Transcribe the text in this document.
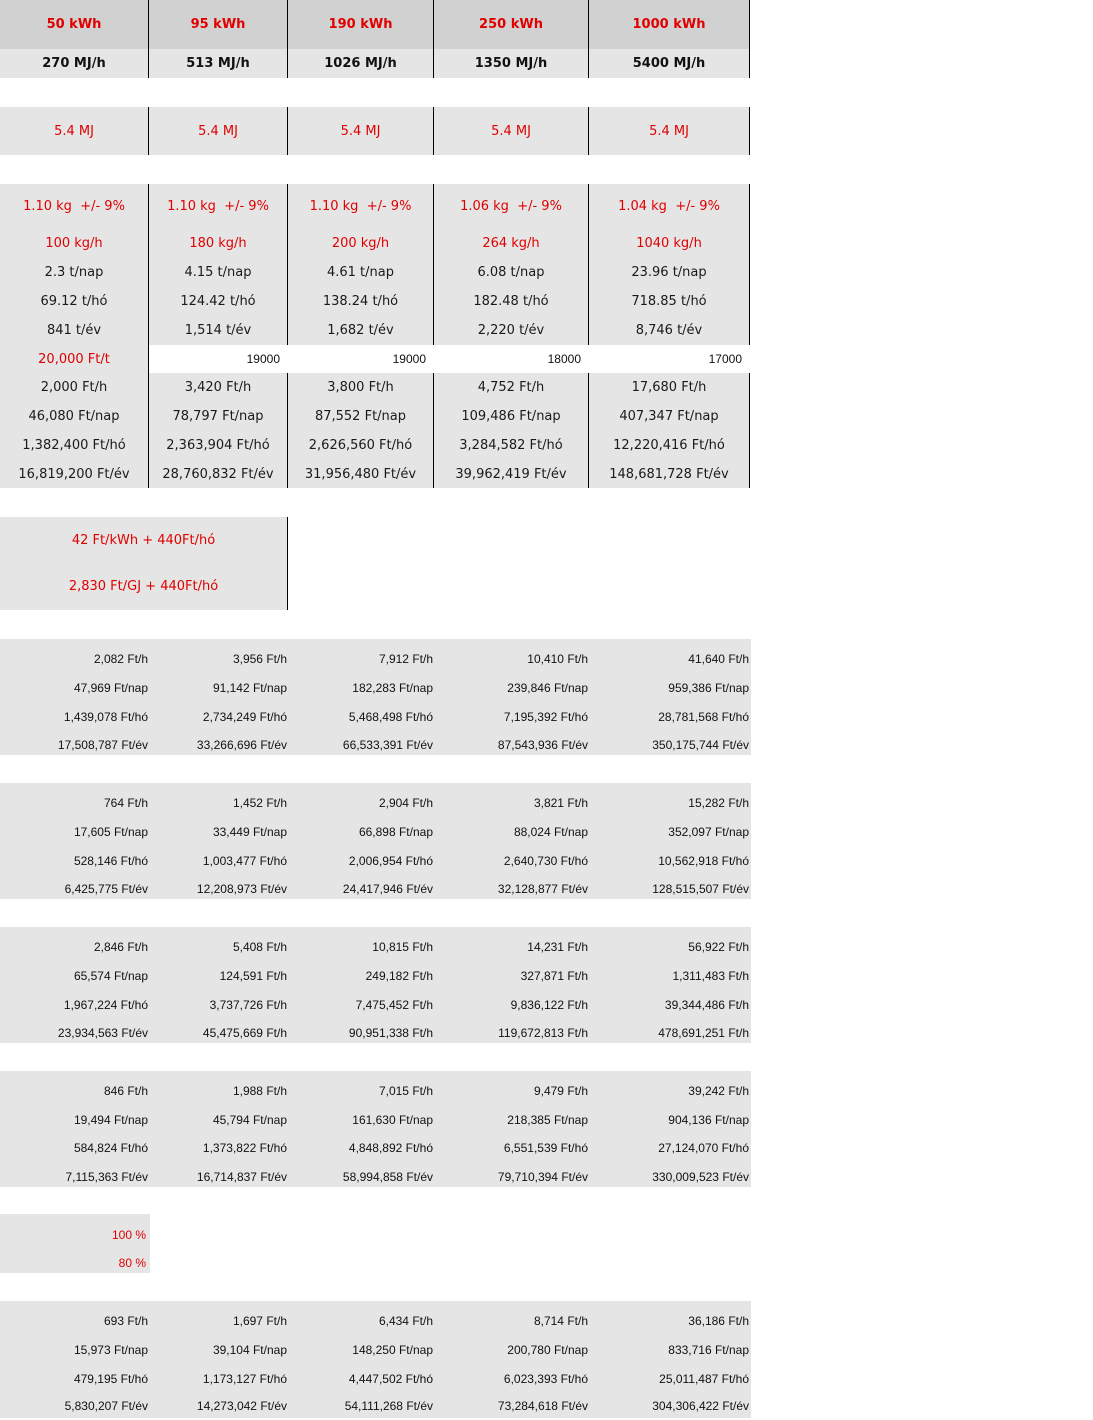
50 kWh	95 kWh	190 kWh	250 kWh	1000 kWh
270 MJ/h	513 MJ/h	1026 MJ/h	1350 MJ/h	5400 MJ/h
5.4 MJ	5.4 MJ	5.4 MJ	5.4 MJ	5.4 MJ
1.10 kg  +/- 9%	1.10 kg  +/- 9%	1.10 kg  +/- 9%	1.06 kg  +/- 9%	1.04 kg  +/- 9%
100 kg/h	180 kg/h	200 kg/h	264 kg/h	1040 kg/h
2.3 t/nap	4.15 t/nap	4.61 t/nap	6.08 t/nap	23.96 t/nap
69.12 t/hó	124.42 t/hó	138.24 t/hó	182.48 t/hó	718.85 t/hó
841 t/év	1,514 t/év	1,682 t/év	2,220 t/év	8,746 t/év
20,000 Ft/t	19000	19000	18000	17000
2,000 Ft/h	3,420 Ft/h	3,800 Ft/h	4,752 Ft/h	17,680 Ft/h
46,080 Ft/nap	78,797 Ft/nap	87,552 Ft/nap	109,486 Ft/nap	407,347 Ft/nap
1,382,400 Ft/hó	2,363,904 Ft/hó	2,626,560 Ft/hó	3,284,582 Ft/hó	12,220,416 Ft/hó
16,819,200 Ft/év	28,760,832 Ft/év	31,956,480 Ft/év	39,962,419 Ft/év	148,681,728 Ft/év
42 Ft/kWh + 440Ft/hó
2,830 Ft/GJ + 440Ft/hó
2,082 Ft/h	3,956 Ft/h	7,912 Ft/h	10,410 Ft/h	41,640 Ft/h
47,969 Ft/nap	91,142 Ft/nap	182,283 Ft/nap	239,846 Ft/nap	959,386 Ft/nap
1,439,078 Ft/hó	2,734,249 Ft/hó	5,468,498 Ft/hó	7,195,392 Ft/hó	28,781,568 Ft/hó
17,508,787 Ft/év	33,266,696 Ft/év	66,533,391 Ft/év	87,543,936 Ft/év	350,175,744 Ft/év
764 Ft/h	1,452 Ft/h	2,904 Ft/h	3,821 Ft/h	15,282 Ft/h
17,605 Ft/nap	33,449 Ft/nap	66,898 Ft/nap	88,024 Ft/nap	352,097 Ft/nap
528,146 Ft/hó	1,003,477 Ft/hó	2,006,954 Ft/hó	2,640,730 Ft/hó	10,562,918 Ft/hó
6,425,775 Ft/év	12,208,973 Ft/év	24,417,946 Ft/év	32,128,877 Ft/év	128,515,507 Ft/év
2,846 Ft/h	5,408 Ft/h	10,815 Ft/h	14,231 Ft/h	56,922 Ft/h
65,574 Ft/nap	124,591 Ft/h	249,182 Ft/h	327,871 Ft/h	1,311,483 Ft/h
1,967,224 Ft/hó	3,737,726 Ft/h	7,475,452 Ft/h	9,836,122 Ft/h	39,344,486 Ft/h
23,934,563 Ft/év	45,475,669 Ft/h	90,951,338 Ft/h	119,672,813 Ft/h	478,691,251 Ft/h
846 Ft/h	1,988 Ft/h	7,015 Ft/h	9,479 Ft/h	39,242 Ft/h
19,494 Ft/nap	45,794 Ft/nap	161,630 Ft/nap	218,385 Ft/nap	904,136 Ft/nap
584,824 Ft/hó	1,373,822 Ft/hó	4,848,892 Ft/hó	6,551,539 Ft/hó	27,124,070 Ft/hó
7,115,363 Ft/év	16,714,837 Ft/év	58,994,858 Ft/év	79,710,394 Ft/év	330,009,523 Ft/év
100 %
80 %
693 Ft/h	1,697 Ft/h	6,434 Ft/h	8,714 Ft/h	36,186 Ft/h
15,973 Ft/nap	39,104 Ft/nap	148,250 Ft/nap	200,780 Ft/nap	833,716 Ft/nap
479,195 Ft/hó	1,173,127 Ft/hó	4,447,502 Ft/hó	6,023,393 Ft/hó	25,011,487 Ft/hó
5,830,207 Ft/év	14,273,042 Ft/év	54,111,268 Ft/év	73,284,618 Ft/év	304,306,422 Ft/év
